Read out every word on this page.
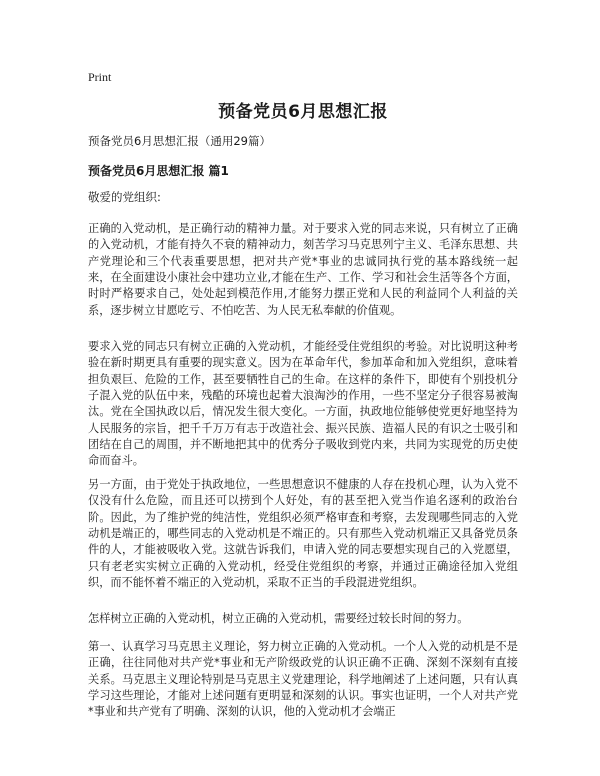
Print
预备党员6月思想汇报
预备党员6月思想汇报（通用29篇）
预备党员6月思想汇报 篇1
敬爱的党组织:

正确的入党动机，是正确行动的精神力量。对于要求入党的同志来说，只有树立了正确的入党动机，才能有持久不衰的精神动力，刻苦学习马克思列宁主义、毛泽东思想、共产党理论和三个代表重要思想，把对共产党*事业的忠诚同执行党的基本路线统一起来，在全面建设小康社会中建功立业,才能在生产、工作、学习和社会生活等各个方面，时时严格要求自己，处处起到模范作用,才能努力摆正党和人民的利益同个人利益的关系，逐步树立甘愿吃亏、不怕吃苦、为人民无私奉献的价值观。

要求入党的同志只有树立正确的入党动机，才能经受住党组织的考验。对比说明这种考验在新时期更具有重要的现实意义。因为在革命年代，参加革命和加入党组织，意味着担负艰巨、危险的工作，甚至要牺牲自己的生命。在这样的条件下，即使有个别投机分子混入党的队伍中来，残酷的环境也起着大浪淘沙的作用，一些不坚定分子很容易被淘汰。党在全国执政以后，情况发生很大变化。一方面，执政地位能够使党更好地坚持为人民服务的宗旨，把千千万万有志于改造社会、振兴民族、造福人民的有识之士吸引和团结在自己的周围，并不断地把其中的优秀分子吸收到党内来，共同为实现党的历史使命而奋斗。

另一方面，由于党处于执政地位，一些思想意识不健康的人存在投机心理，认为入党不仅没有什么危险，而且还可以捞到个人好处，有的甚至把入党当作追名逐利的政治台阶。因此，为了维护党的纯洁性，党组织必须严格审查和考察，去发现哪些同志的入党动机是端正的，哪些同志的入党动机是不端正的。只有那些入党动机端正又具备党员条件的人，才能被吸收入党。这就告诉我们，申请入党的同志要想实现自己的入党愿望，只有老老实实树立正确的入党动机，经受住党组织的考察，并通过正确途径加入党组织，而不能怀着不端正的入党动机，采取不正当的手段混进党组织。

怎样树立正确的入党动机，树立正确的入党动机，需要经过较长时间的努力。

第一、认真学习马克思主义理论，努力树立正确的入党动机。一个人入党的动机是不是正确，往往同他对共产党*事业和无产阶级政党的认识正确不正确、深刻不深刻有直接关系。马克思主义理论特别是马克思主义党建理论，科学地阐述了上述问题，只有认真学习这些理论，才能对上述问题有更明显和深刻的认识。事实也证明，一个人对共产党*事业和共产党有了明确、深刻的认识，他的入党动机才会端正
